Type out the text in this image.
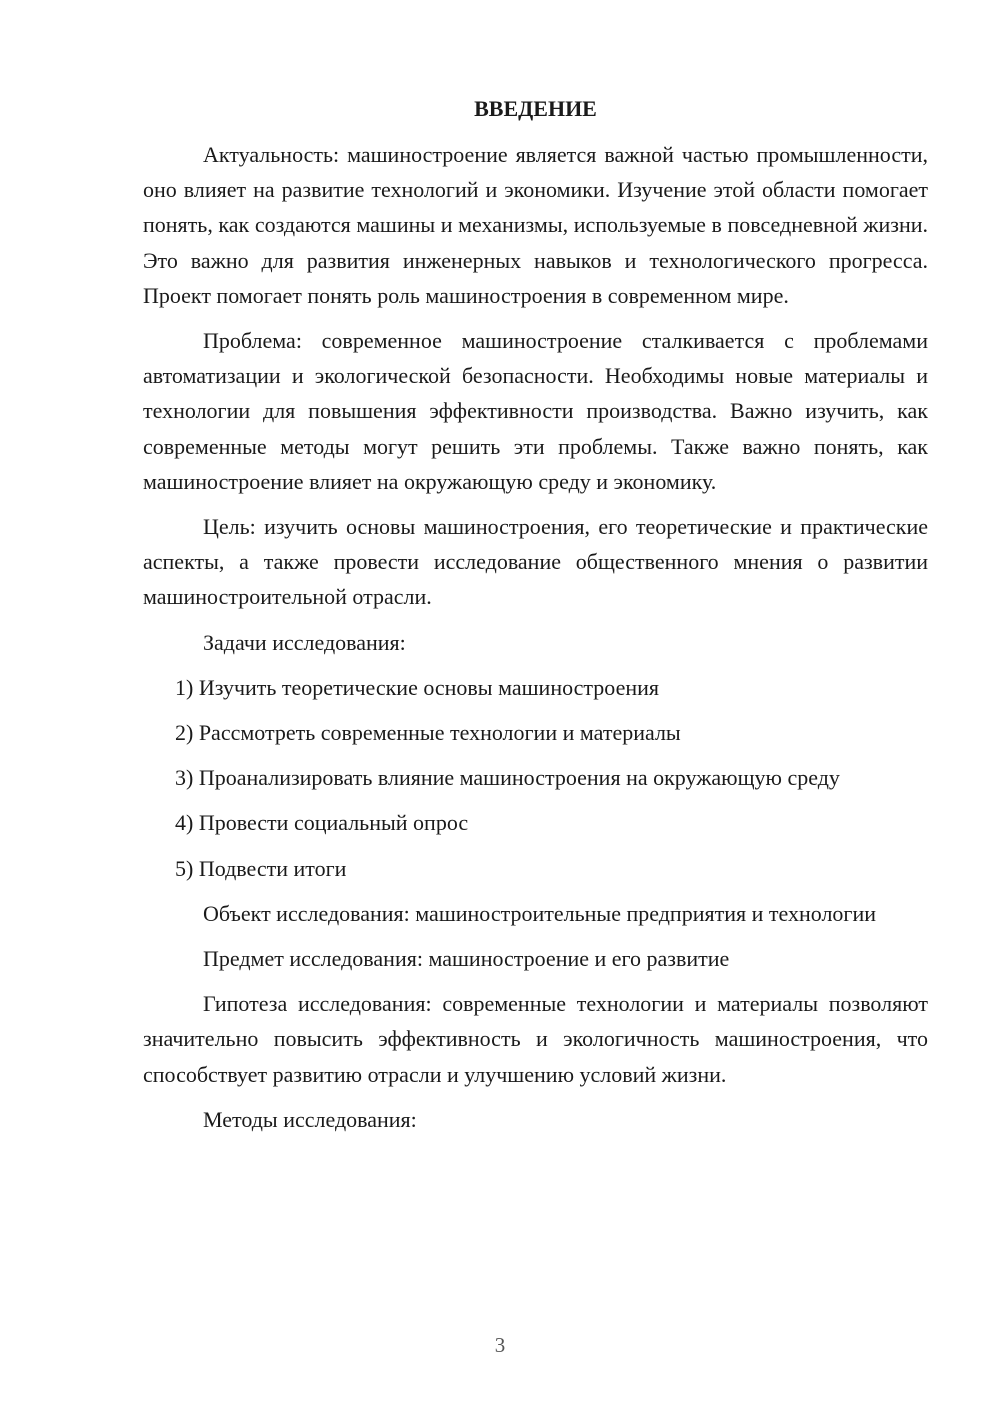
ВВЕДЕНИЕ

Актуальность: машиностроение является важной частью промышленности, оно влияет на развитие технологий и экономики. Изучение этой области помогает понять, как создаются машины и механизмы, используемые в повседневной жизни. Это важно для развития инженерных навыков и технологического прогресса. Проект помогает понять роль машиностроения в современном мире.

Проблема: современное машиностроение сталкивается с проблемами автоматизации и экологической безопасности. Необходимы новые материалы и технологии для повышения эффективности производства. Важно изучить, как современные методы могут решить эти проблемы. Также важно понять, как машиностроение влияет на окружающую среду и экономику.

Цель: изучить основы машиностроения, его теоретические и практические аспекты, а также провести исследование общественного мнения о развитии машиностроительной отрасли.

Задачи исследования:

1) Изучить теоретические основы машиностроения
2) Рассмотреть современные технологии и материалы
3) Проанализировать влияние машиностроения на окружающую среду
4) Провести социальный опрос
5) Подвести итоги

Объект исследования: машиностроительные предприятия и технологии

Предмет исследования: машиностроение и его развитие

Гипотеза исследования: современные технологии и материалы позволяют значительно повысить эффективность и экологичность машиностроения, что способствует развитию отрасли и улучшению условий жизни.

Методы исследования:

3
